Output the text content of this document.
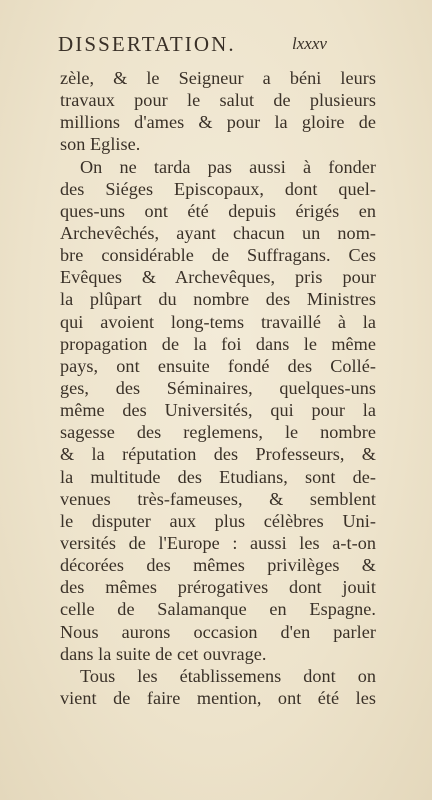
DISSERTATION.	lxxxv
zèle, & le Seigneur a béni leurs
travaux pour le salut de plusieurs
millions d'ames & pour la gloire de
son Eglise.
On ne tarda pas aussi à fonder
des Siéges Episcopaux, dont quel-
ques-uns ont été depuis érigés en
Archevêchés, ayant chacun un nom-
bre considérable de Suffragans. Ces
Evêques & Archevêques, pris pour
la plûpart du nombre des Ministres
qui avoient long-tems travaillé à la
propagation de la foi dans le même
pays, ont ensuite fondé des Collé-
ges, des Séminaires, quelques-uns
même des Universités, qui pour la
sagesse des reglemens, le nombre
& la réputation des Professeurs, &
la multitude des Etudians, sont de-
venues très-fameuses, & semblent
le disputer aux plus célèbres Uni-
versités de l'Europe : aussi les a-t-on
décorées des mêmes privilèges &
des mêmes prérogatives dont jouit
celle de Salamanque en Espagne.
Nous aurons occasion d'en parler
dans la suite de cet ouvrage.
Tous les établissemens dont on
vient de faire mention, ont été les
